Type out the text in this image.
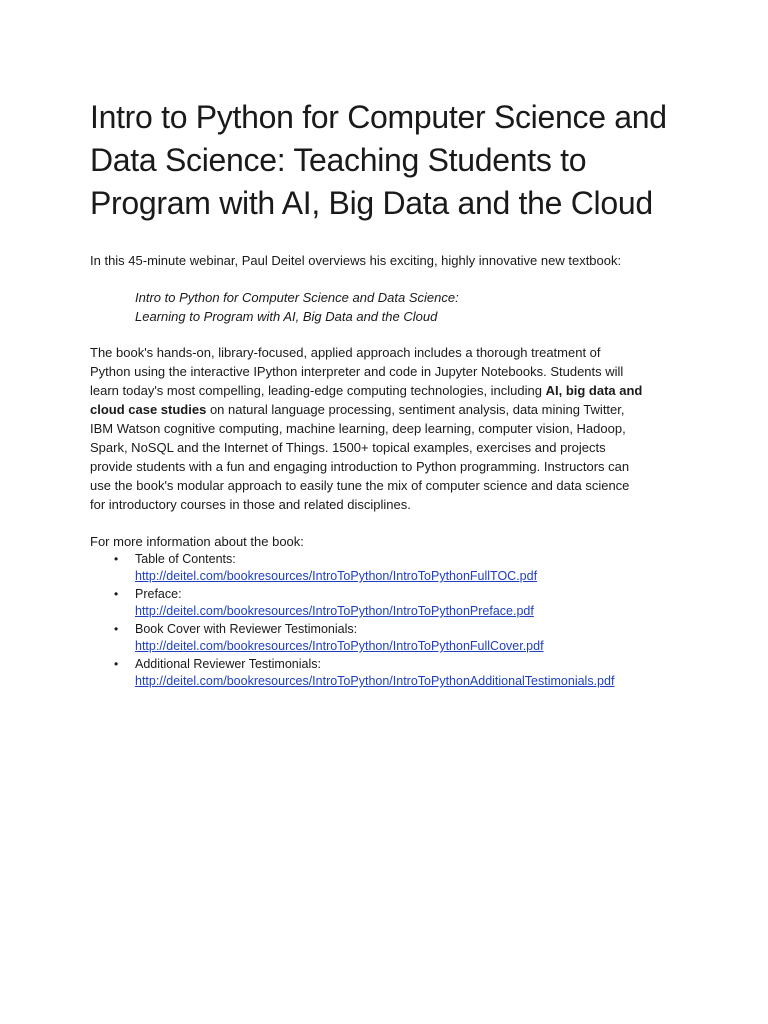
Intro to Python for Computer Science and
Data Science: Teaching Students to
Program with AI, Big Data and the Cloud

In this 45-minute webinar, Paul Deitel overviews his exciting, highly innovative new textbook:

Intro to Python for Computer Science and Data Science:
Learning to Program with AI, Big Data and the Cloud
The book's hands-on, library-focused, applied approach includes a thorough treatment of
Python using the interactive IPython interpreter and code in Jupyter Notebooks. Students will
learn today's most compelling, leading-edge computing technologies, including AI, big data and
cloud case studies on natural language processing, sentiment analysis, data mining Twitter,
IBM Watson cognitive computing, machine learning, deep learning, computer vision, Hadoop,
Spark, NoSQL and the Internet of Things. 1500+ topical examples, exercises and projects
provide students with a fun and engaging introduction to Python programming. Instructors can
use the book's modular approach to easily tune the mix of computer science and data science
for introductory courses in those and related disciplines.

For more information about the book:

• Table of Contents:
http://deitel.com/bookresources/IntroToPython/IntroToPythonFullTOC.pdf
• Preface:
http://deitel.com/bookresources/IntroToPython/IntroToPythonPreface.pdf
• Book Cover with Reviewer Testimonials:
http://deitel.com/bookresources/IntroToPython/IntroToPythonFullCover.pdf
• Additional Reviewer Testimonials:
http://deitel.com/bookresources/IntroToPython/IntroToPythonAdditionalTestimonials.pdf
